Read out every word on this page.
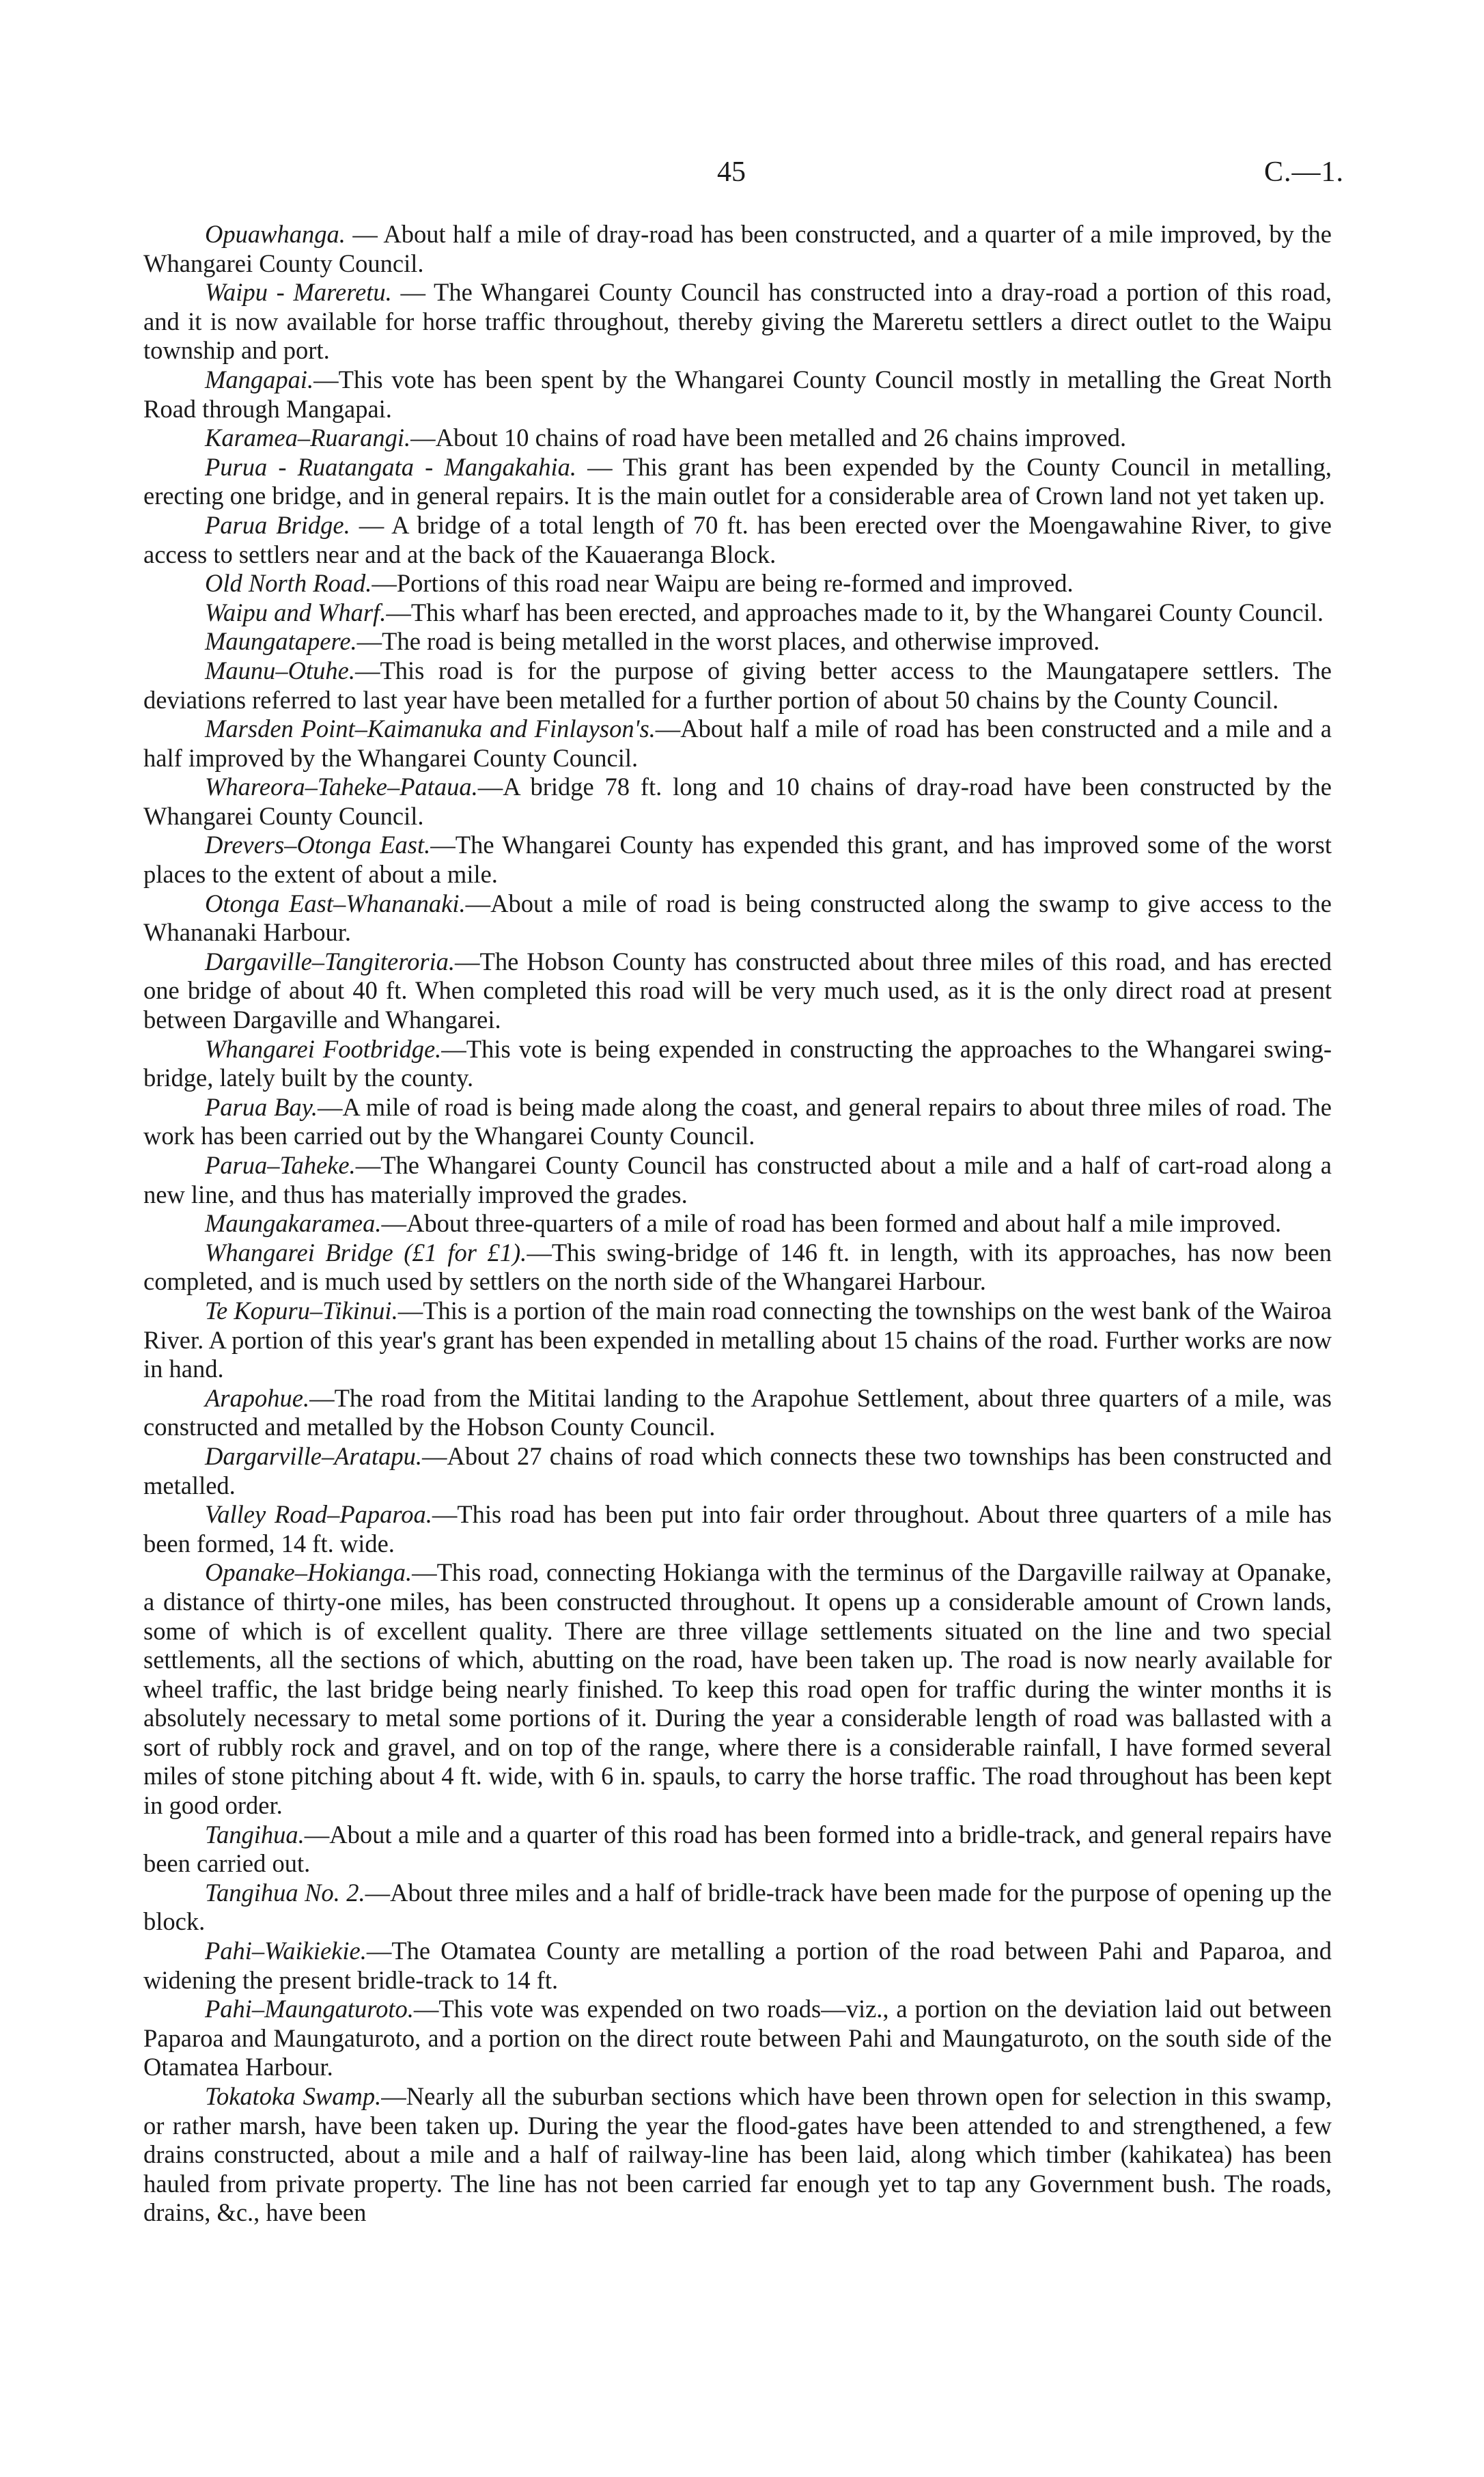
45	C.—1.

Opuawhanga. — About half a mile of dray-road has been constructed, and a quarter of a mile improved, by the Whangarei County Council.

Waipu - Mareretu. — The Whangarei County Council has constructed into a dray-road a portion of this road, and it is now available for horse traffic throughout, thereby giving the Mareretu settlers a direct outlet to the Waipu township and port.

Mangapai.—This vote has been spent by the Whangarei County Council mostly in metalling the Great North Road through Mangapai.

Karamea–Ruarangi.—About 10 chains of road have been metalled and 26 chains improved.

Purua - Ruatangata - Mangakahia. — This grant has been expended by the County Council in metalling, erecting one bridge, and in general repairs. It is the main outlet for a considerable area of Crown land not yet taken up.

Parua Bridge. — A bridge of a total length of 70 ft. has been erected over the Moengawahine River, to give access to settlers near and at the back of the Kauaeranga Block.

Old North Road.—Portions of this road near Waipu are being re-formed and improved.

Waipu and Wharf.—This wharf has been erected, and approaches made to it, by the Whangarei County Council.

Maungatapere.—The road is being metalled in the worst places, and otherwise improved.

Maunu–Otuhe.—This road is for the purpose of giving better access to the Maungatapere settlers. The deviations referred to last year have been metalled for a further portion of about 50 chains by the County Council.

Marsden Point–Kaimanuka and Finlayson's.—About half a mile of road has been constructed and a mile and a half improved by the Whangarei County Council.

Whareora–Taheke–Pataua.—A bridge 78 ft. long and 10 chains of dray-road have been constructed by the Whangarei County Council.

Drevers–Otonga East.—The Whangarei County has expended this grant, and has improved some of the worst places to the extent of about a mile.

Otonga East–Whananaki.—About a mile of road is being constructed along the swamp to give access to the Whananaki Harbour.

Dargaville–Tangiteroria.—The Hobson County has constructed about three miles of this road, and has erected one bridge of about 40 ft. When completed this road will be very much used, as it is the only direct road at present between Dargaville and Whangarei.

Whangarei Footbridge.—This vote is being expended in constructing the approaches to the Whangarei swing-bridge, lately built by the county.

Parua Bay.—A mile of road is being made along the coast, and general repairs to about three miles of road. The work has been carried out by the Whangarei County Council.

Parua–Taheke.—The Whangarei County Council has constructed about a mile and a half of cart-road along a new line, and thus has materially improved the grades.

Maungakaramea.—About three-quarters of a mile of road has been formed and about half a mile improved.

Whangarei Bridge (£1 for £1).—This swing-bridge of 146 ft. in length, with its approaches, has now been completed, and is much used by settlers on the north side of the Whangarei Harbour.

Te Kopuru–Tikinui.—This is a portion of the main road connecting the townships on the west bank of the Wairoa River. A portion of this year's grant has been expended in metalling about 15 chains of the road. Further works are now in hand.

Arapohue.—The road from the Mititai landing to the Arapohue Settlement, about three quarters of a mile, was constructed and metalled by the Hobson County Council.

Dargarville–Aratapu.—About 27 chains of road which connects these two townships has been constructed and metalled.

Valley Road–Paparoa.—This road has been put into fair order throughout. About three quarters of a mile has been formed, 14 ft. wide.

Opanake–Hokianga.—This road, connecting Hokianga with the terminus of the Dargaville railway at Opanake, a distance of thirty-one miles, has been constructed throughout. It opens up a considerable amount of Crown lands, some of which is of excellent quality. There are three village settlements situated on the line and two special settlements, all the sections of which, abutting on the road, have been taken up. The road is now nearly available for wheel traffic, the last bridge being nearly finished. To keep this road open for traffic during the winter months it is absolutely necessary to metal some portions of it. During the year a considerable length of road was ballasted with a sort of rubbly rock and gravel, and on top of the range, where there is a considerable rainfall, I have formed several miles of stone pitching about 4 ft. wide, with 6 in. spauls, to carry the horse traffic. The road throughout has been kept in good order.

Tangihua.—About a mile and a quarter of this road has been formed into a bridle-track, and general repairs have been carried out.

Tangihua No. 2.—About three miles and a half of bridle-track have been made for the purpose of opening up the block.

Pahi–Waikiekie.—The Otamatea County are metalling a portion of the road between Pahi and Paparoa, and widening the present bridle-track to 14 ft.

Pahi–Maungaturoto.—This vote was expended on two roads—viz., a portion on the deviation laid out between Paparoa and Maungaturoto, and a portion on the direct route between Pahi and Maungaturoto, on the south side of the Otamatea Harbour.

Tokatoka Swamp.—Nearly all the suburban sections which have been thrown open for selection in this swamp, or rather marsh, have been taken up. During the year the flood-gates have been attended to and strengthened, a few drains constructed, about a mile and a half of railway-line has been laid, along which timber (kahikatea) has been hauled from private property. The line has not been carried far enough yet to tap any Government bush. The roads, drains, &c., have been
